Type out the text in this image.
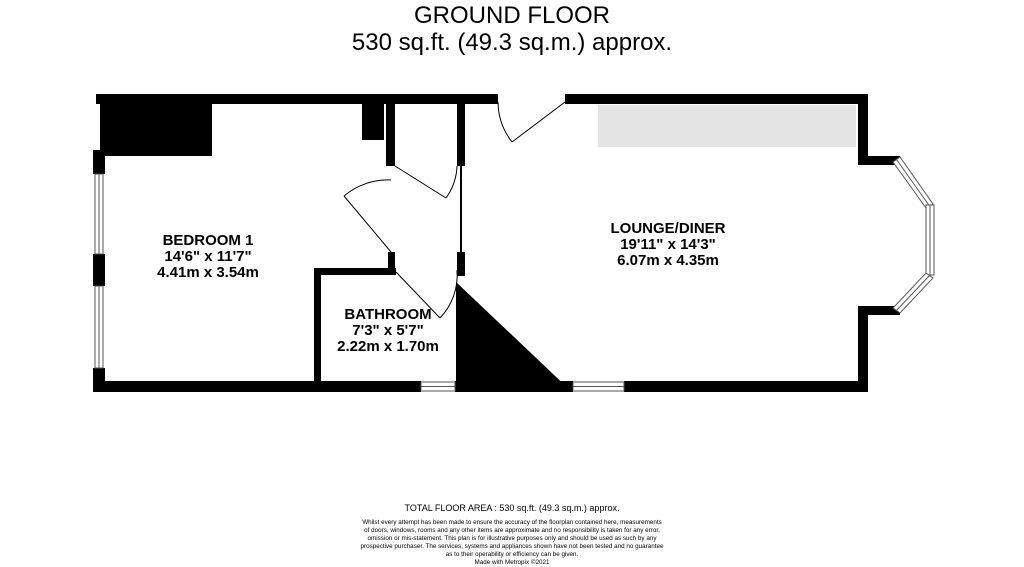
GROUND FLOOR
530 sq.ft. (49.3 sq.m.) approx.
BEDROOM 1
14'6" x 11'7"
4.41m x 3.54m
LOUNGE/DINER
19'11" x 14'3"
6.07m x 4.35m
BATHROOM
7'3" x 5'7"
2.22m x 1.70m
TOTAL FLOOR AREA : 530 sq.ft. (49.3 sq.m.) approx.
Whilst every attempt has been made to ensure the accuracy of the floorplan contained here, measurements
of doors, windows, rooms and any other items are approximate and no responsibility is taken for any error,
omission or mis-statement. This plan is for illustrative purposes only and should be used as such by any
prospective purchaser. The services, systems and appliances shown have not been tested and no guarantee
as to their operability or efficiency can be given.
Made with Metropix ©2021
